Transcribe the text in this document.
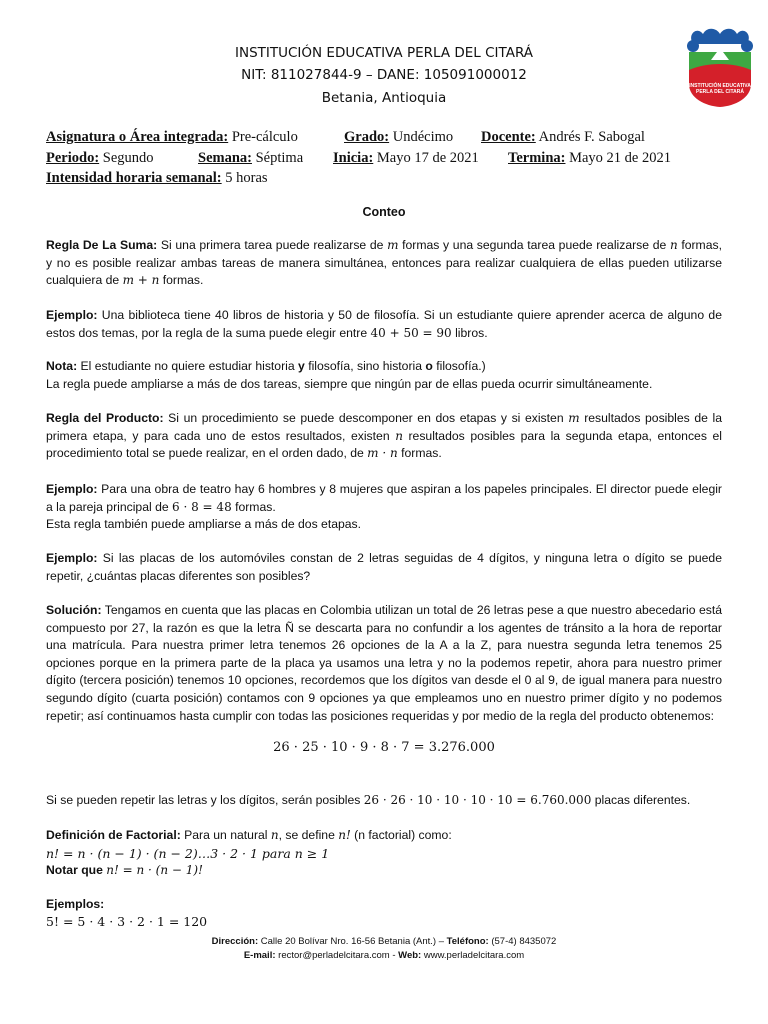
INSTITUCIÓN EDUCATIVA PERLA DEL CITARÁ
NIT: 811027844-9 – DANE: 105091000012
Betania, Antioquia
INSTITUCIÓN EDUCATIVA
PERLA DEL CITARÁ
Asignatura o Área integrada: Pre-cálculo	Grado: Undécimo Docente: Andrés F. Sabogal
Periodo: Segundo	Semana: Séptima Inicia: Mayo 17 de 2021 Termina: Mayo 21 de 2021
Intensidad horaria semanal: 5 horas
Conteo
Regla De La Suma: Si una primera tarea puede realizarse de m formas y una segunda tarea puede realizarse de n formas, y no es posible realizar ambas tareas de manera simultánea, entonces para realizar cualquiera de ellas pueden utilizarse cualquiera de m + n formas.
Ejemplo: Una biblioteca tiene 40 libros de historia y 50 de filosofía. Si un estudiante quiere aprender acerca de alguno de estos dos temas, por la regla de la suma puede elegir entre 40 + 50 = 90 libros.
Nota: El estudiante no quiere estudiar historia y filosofía, sino historia o filosofía.)
La regla puede ampliarse a más de dos tareas, siempre que ningún par de ellas pueda ocurrir simultáneamente.
Regla del Producto: Si un procedimiento se puede descomponer en dos etapas y si existen m resultados posibles de la primera etapa, y para cada uno de estos resultados, existen n resultados posibles para la segunda etapa, entonces el procedimiento total se puede realizar, en el orden dado, de m · n formas.
Ejemplo: Para una obra de teatro hay 6 hombres y 8 mujeres que aspiran a los papeles principales. El director puede elegir a la pareja principal de 6 · 8 = 48 formas.
Esta regla también puede ampliarse a más de dos etapas.
Ejemplo: Si las placas de los automóviles constan de 2 letras seguidas de 4 dígitos, y ninguna letra o dígito se puede repetir, ¿cuántas placas diferentes son posibles?
Solución: Tengamos en cuenta que las placas en Colombia utilizan un total de 26 letras pese a que nuestro abecedario está compuesto por 27, la razón es que la letra Ñ se descarta para no confundir a los agentes de tránsito a la hora de reportar una matrícula. Para nuestra primer letra tenemos 26 opciones de la A a la Z, para nuestra segunda letra tenemos 25 opciones porque en la primera parte de la placa ya usamos una letra y no la podemos repetir, ahora para nuestro primer dígito (tercera posición) tenemos 10 opciones, recordemos que los dígitos van desde el 0 al 9, de igual manera para nuestro segundo dígito (cuarta posición) contamos con 9 opciones ya que empleamos uno en nuestro primer dígito y no podemos repetir; así continuamos hasta cumplir con todas las posiciones requeridas y por medio de la regla del producto obtenemos:
26 · 25 · 10 · 9 · 8 · 7 = 3.276.000
Si se pueden repetir las letras y los dígitos, serán posibles 26 · 26 · 10 · 10 · 10 · 10 = 6.760.000 placas diferentes.
Definición de Factorial: Para un natural n, se define n! (n factorial) como:
n! = n · (n − 1) · (n − 2)…3 · 2 · 1 para n ≥ 1
Notar que n! = n · (n − 1)!
Ejemplos:
5! = 5 · 4 · 3 · 2 · 1 = 120
Dirección: Calle 20 Bolívar Nro. 16-56 Betania (Ant.) – Teléfono: (57-4) 8435072
E-mail: rector@perladelcitara.com - Web: www.perladelcitara.com
